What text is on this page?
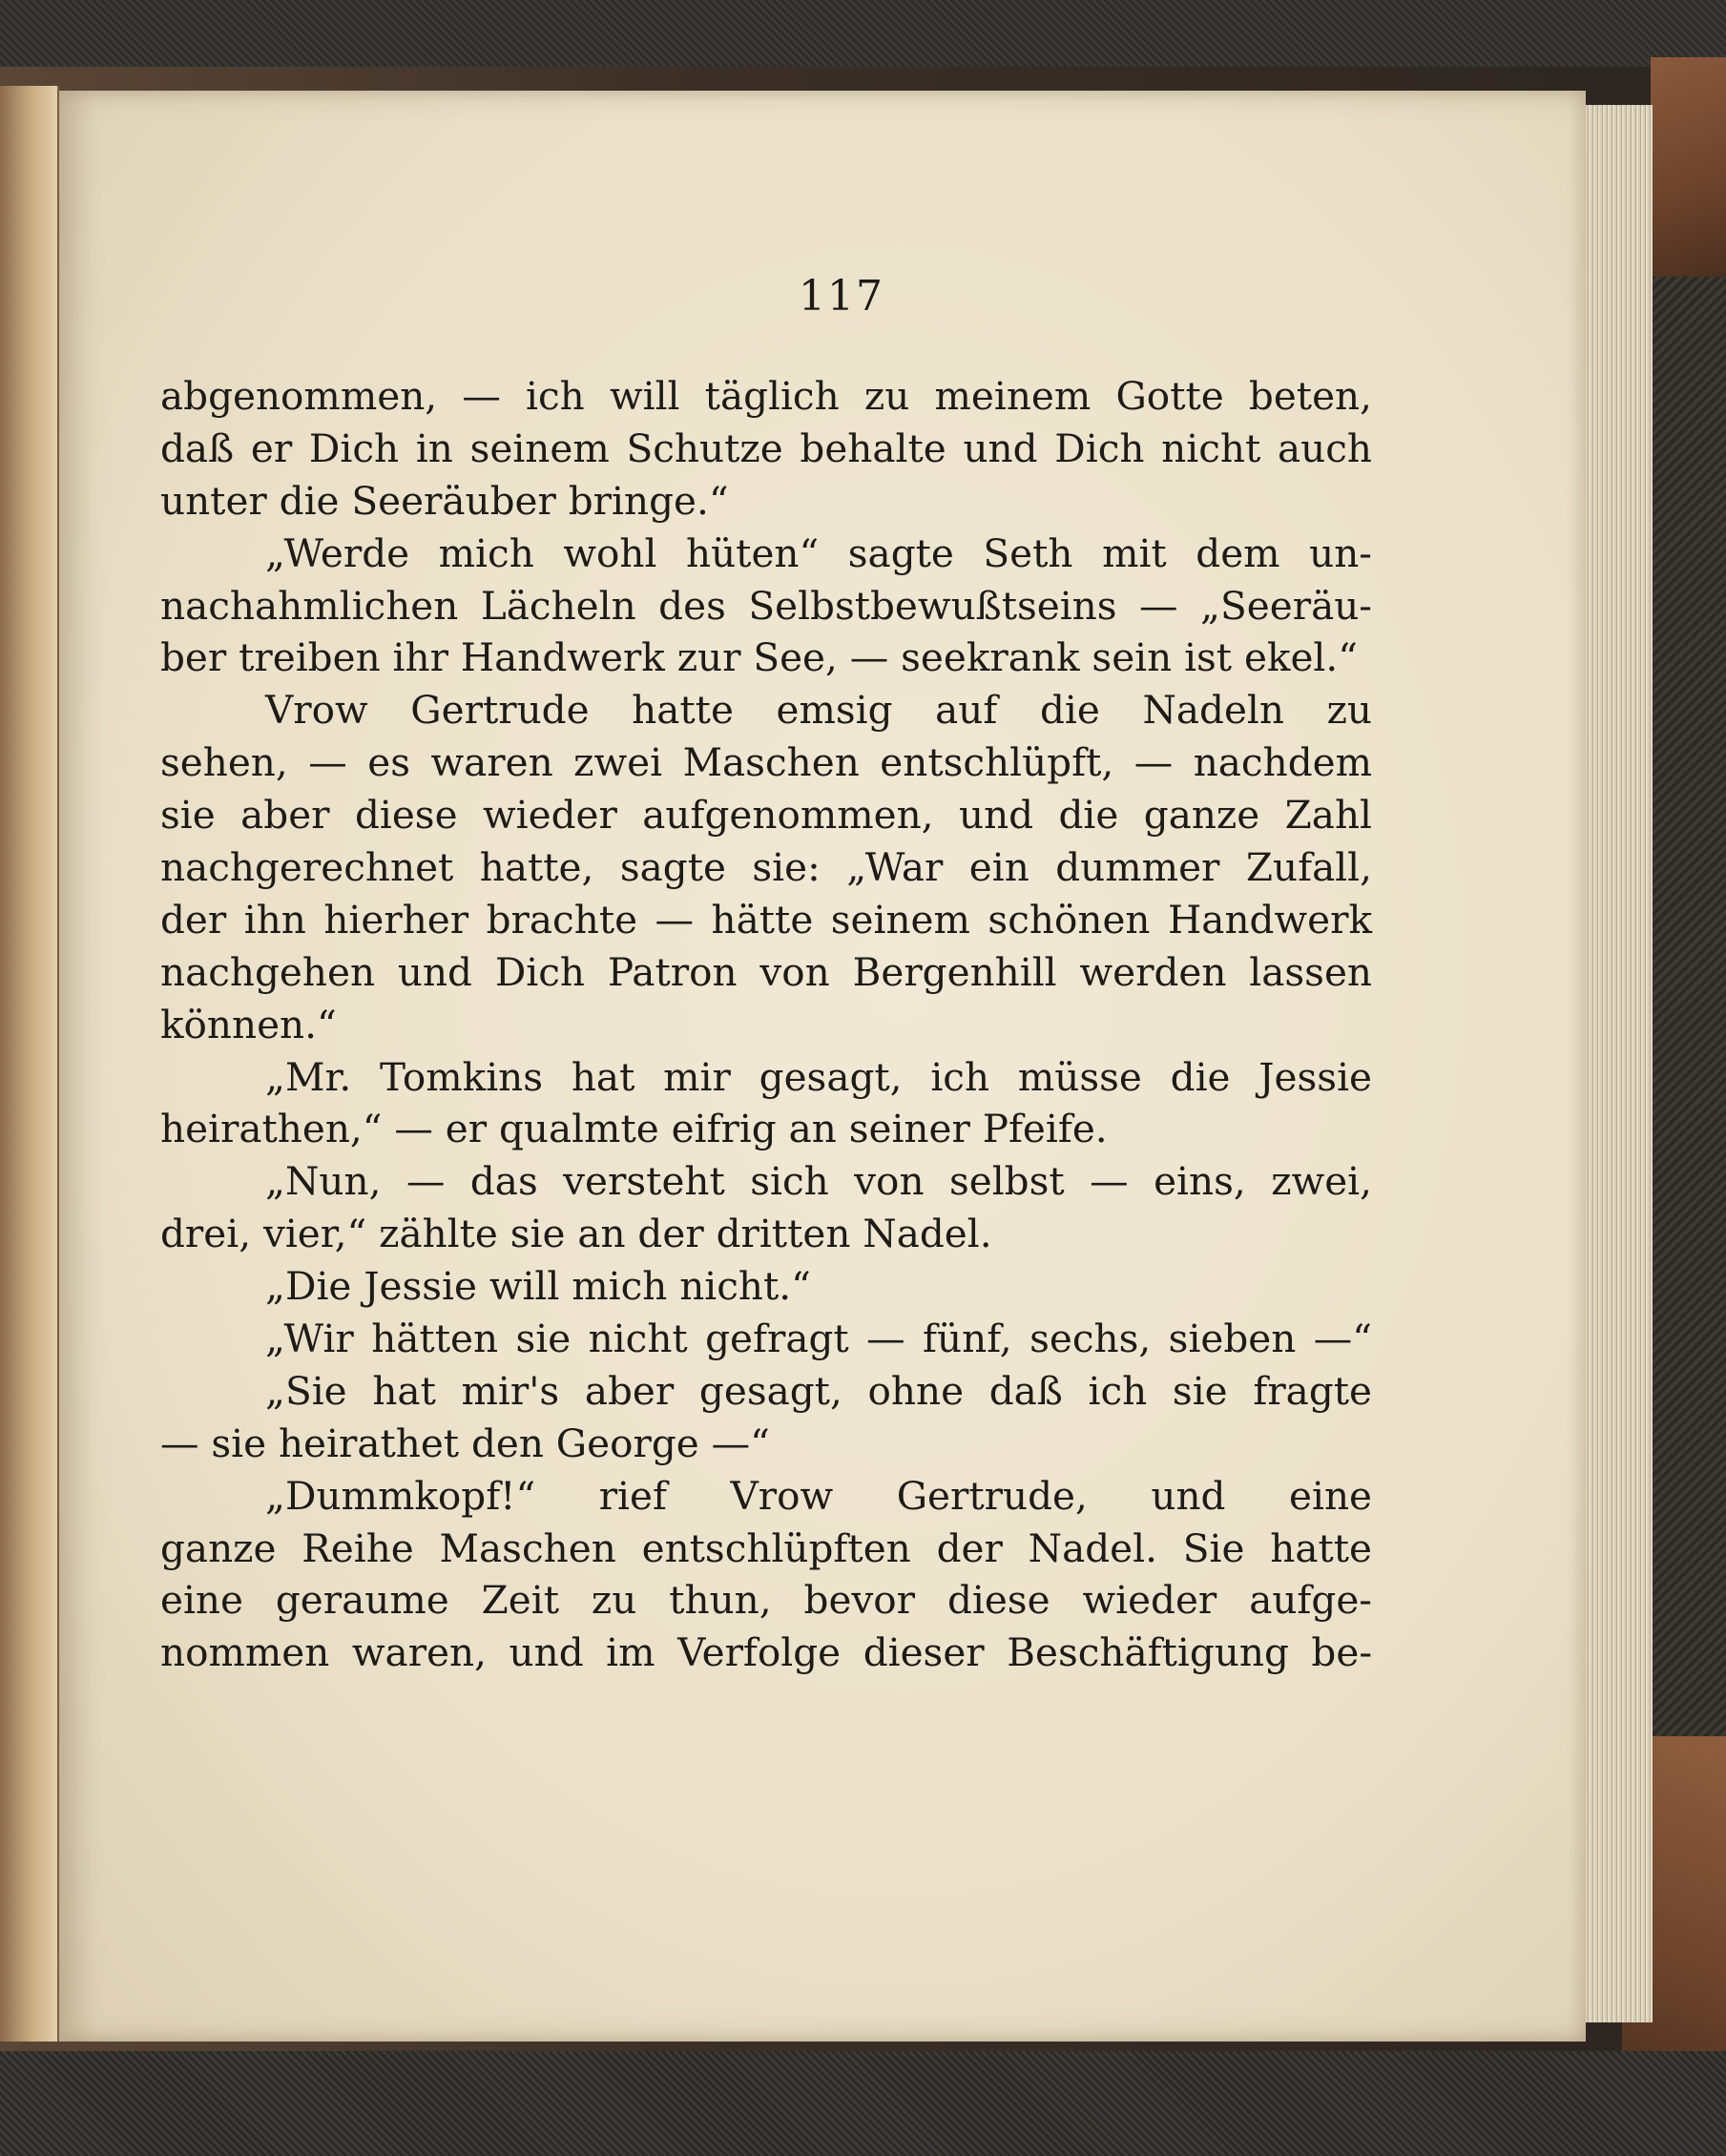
117
abgenommen, — ich will täglich zu meinem Gotte beten,
daß er Dich in seinem Schutze behalte und Dich nicht auch
unter die Seeräuber bringe.“
„Werde mich wohl hüten“ sagte Seth mit dem un-
nachahmlichen Lächeln des Selbstbewußtseins — „Seeräu-
ber treiben ihr Handwerk zur See, — seekrank sein ist ekel.“
Vrow Gertrude hatte emsig auf die Nadeln zu
sehen, — es waren zwei Maschen entschlüpft, — nachdem
sie aber diese wieder aufgenommen, und die ganze Zahl
nachgerechnet hatte, sagte sie: „War ein dummer Zufall,
der ihn hierher brachte — hätte seinem schönen Handwerk
nachgehen und Dich Patron von Bergenhill werden lassen
können.“
„Mr. Tomkins hat mir gesagt, ich müsse die Jessie
heirathen,“ — er qualmte eifrig an seiner Pfeife.
„Nun, — das versteht sich von selbst — eins, zwei,
drei, vier,“ zählte sie an der dritten Nadel.
„Die Jessie will mich nicht.“
„Wir hätten sie nicht gefragt — fünf, sechs, sieben —“
„Sie hat mir's aber gesagt, ohne daß ich sie fragte
— sie heirathet den George —“
„Dummkopf!“ rief Vrow Gertrude, und eine
ganze Reihe Maschen entschlüpften der Nadel. Sie hatte
eine geraume Zeit zu thun, bevor diese wieder aufge-
nommen waren, und im Verfolge dieser Beschäftigung be-
